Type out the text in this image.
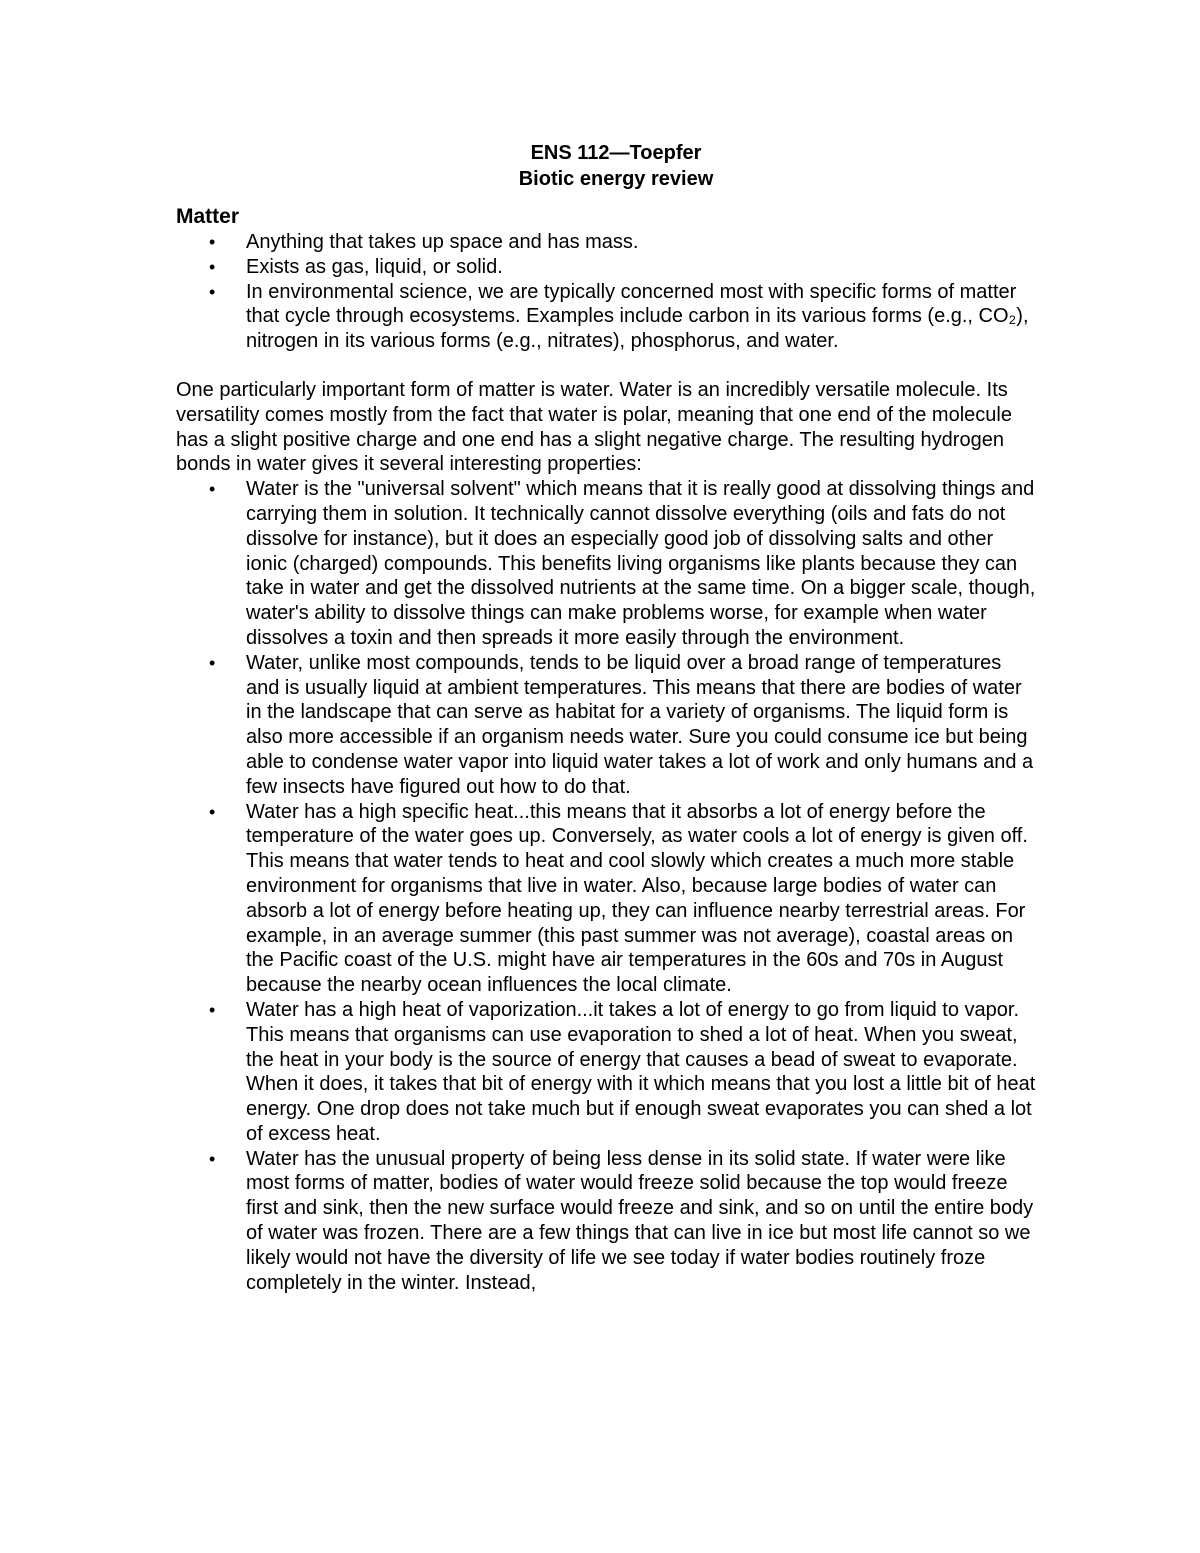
ENS 112—Toepfer
Biotic energy review
Matter
• Anything that takes up space and has mass.
• Exists as gas, liquid, or solid.
• In environmental science, we are typically concerned most with specific forms of matter that cycle through ecosystems. Examples include carbon in its various forms (e.g., CO₂), nitrogen in its various forms (e.g., nitrates), phosphorus, and water.

One particularly important form of matter is water. Water is an incredibly versatile molecule. Its versatility comes mostly from the fact that water is polar, meaning that one end of the molecule has a slight positive charge and one end has a slight negative charge. The resulting hydrogen bonds in water gives it several interesting properties:

• Water is the "universal solvent" which means that it is really good at dissolving things and carrying them in solution. It technically cannot dissolve everything (oils and fats do not dissolve for instance), but it does an especially good job of dissolving salts and other ionic (charged) compounds. This benefits living organisms like plants because they can take in water and get the dissolved nutrients at the same time. On a bigger scale, though, water's ability to dissolve things can make problems worse, for example when water dissolves a toxin and then spreads it more easily through the environment.
• Water, unlike most compounds, tends to be liquid over a broad range of temperatures and is usually liquid at ambient temperatures. This means that there are bodies of water in the landscape that can serve as habitat for a variety of organisms. The liquid form is also more accessible if an organism needs water. Sure you could consume ice but being able to condense water vapor into liquid water takes a lot of work and only humans and a few insects have figured out how to do that.
• Water has a high specific heat...this means that it absorbs a lot of energy before the temperature of the water goes up. Conversely, as water cools a lot of energy is given off. This means that water tends to heat and cool slowly which creates a much more stable environment for organisms that live in water. Also, because large bodies of water can absorb a lot of energy before heating up, they can influence nearby terrestrial areas. For example, in an average summer (this past summer was not average), coastal areas on the Pacific coast of the U.S. might have air temperatures in the 60s and 70s in August because the nearby ocean influences the local climate.
• Water has a high heat of vaporization...it takes a lot of energy to go from liquid to vapor. This means that organisms can use evaporation to shed a lot of heat. When you sweat, the heat in your body is the source of energy that causes a bead of sweat to evaporate. When it does, it takes that bit of energy with it which means that you lost a little bit of heat energy. One drop does not take much but if enough sweat evaporates you can shed a lot of excess heat.
• Water has the unusual property of being less dense in its solid state. If water were like most forms of matter, bodies of water would freeze solid because the top would freeze first and sink, then the new surface would freeze and sink, and so on until the entire body of water was frozen. There are a few things that can live in ice but most life cannot so we likely would not have the diversity of life we see today if water bodies routinely froze completely in the winter. Instead,
